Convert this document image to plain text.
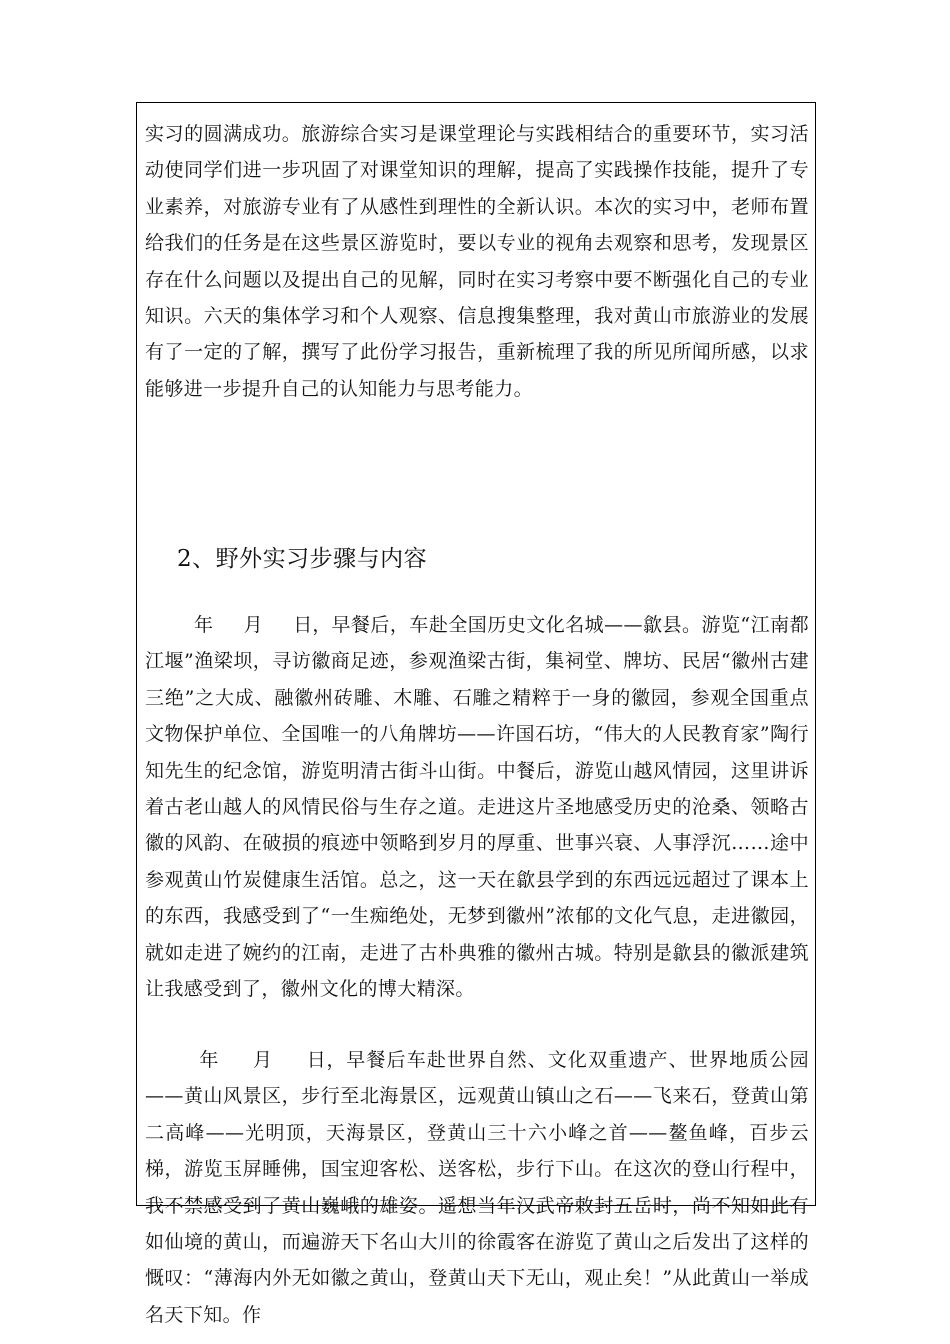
实习的圆满成功。旅游综合实习是课堂理论与实践相结合的重要环节，实习活动使同学们进一步巩固了对课堂知识的理解，提高了实践操作技能，提升了专业素养，对旅游专业有了从感性到理性的全新认识。本次的实习中，老师布置给我们的任务是在这些景区游览时，要以专业的视角去观察和思考，发现景区存在什么问题以及提出自己的见解，同时在实习考察中要不断强化自己的专业知识。六天的集体学习和个人观察、信息搜集整理，我对黄山市旅游业的发展有了一定的了解，撰写了此份学习报告，重新梳理了我的所见所闻所感，以求能够进一步提升自己的认知能力与思考能力。

2、野外实习步骤与内容

年     月     日，早餐后，车赴全国历史文化名城——歙县。游览“江南都江堰”渔梁坝，寻访徽商足迹，参观渔梁古街，集祠堂、牌坊、民居“徽州古建三绝”之大成、融徽州砖雕、木雕、石雕之精粹于一身的徽园，参观全国重点文物保护单位、全国唯一的八角牌坊——许国石坊，“伟大的人民教育家”陶行知先生的纪念馆，游览明清古街斗山街。中餐后，游览山越风情园，这里讲诉着古老山越人的风情民俗与生存之道。走进这片圣地感受历史的沧桑、领略古徽的风韵、在破损的痕迹中领略到岁月的厚重、世事兴衰、人事浮沉……途中参观黄山竹炭健康生活馆。总之，这一天在歙县学到的东西远远超过了课本上的东西，我感受到了“一生痴绝处，无梦到徽州”浓郁的文化气息，走进徽园，就如走进了婉约的江南，走进了古朴典雅的徽州古城。特别是歙县的徽派建筑让我感受到了，徽州文化的博大精深。

年     月     日，早餐后车赴世界自然、文化双重遗产、世界地质公园——黄山风景区，步行至北海景区，远观黄山镇山之石——飞来石，登黄山第二高峰——光明顶，天海景区，登黄山三十六小峰之首——鳌鱼峰，百步云梯，游览玉屏睡佛，国宝迎客松、送客松，步行下山。在这次的登山行程中，我不禁感受到了黄山巍峨的雄姿。遥想当年汉武帝敕封五岳时，尚不知如此有如仙境的黄山，而遍游天下名山大川的徐霞客在游览了黄山之后发出了这样的慨叹：“薄海内外无如徽之黄山，登黄山天下无山，观止矣！”从此黄山一举成名天下知。作
